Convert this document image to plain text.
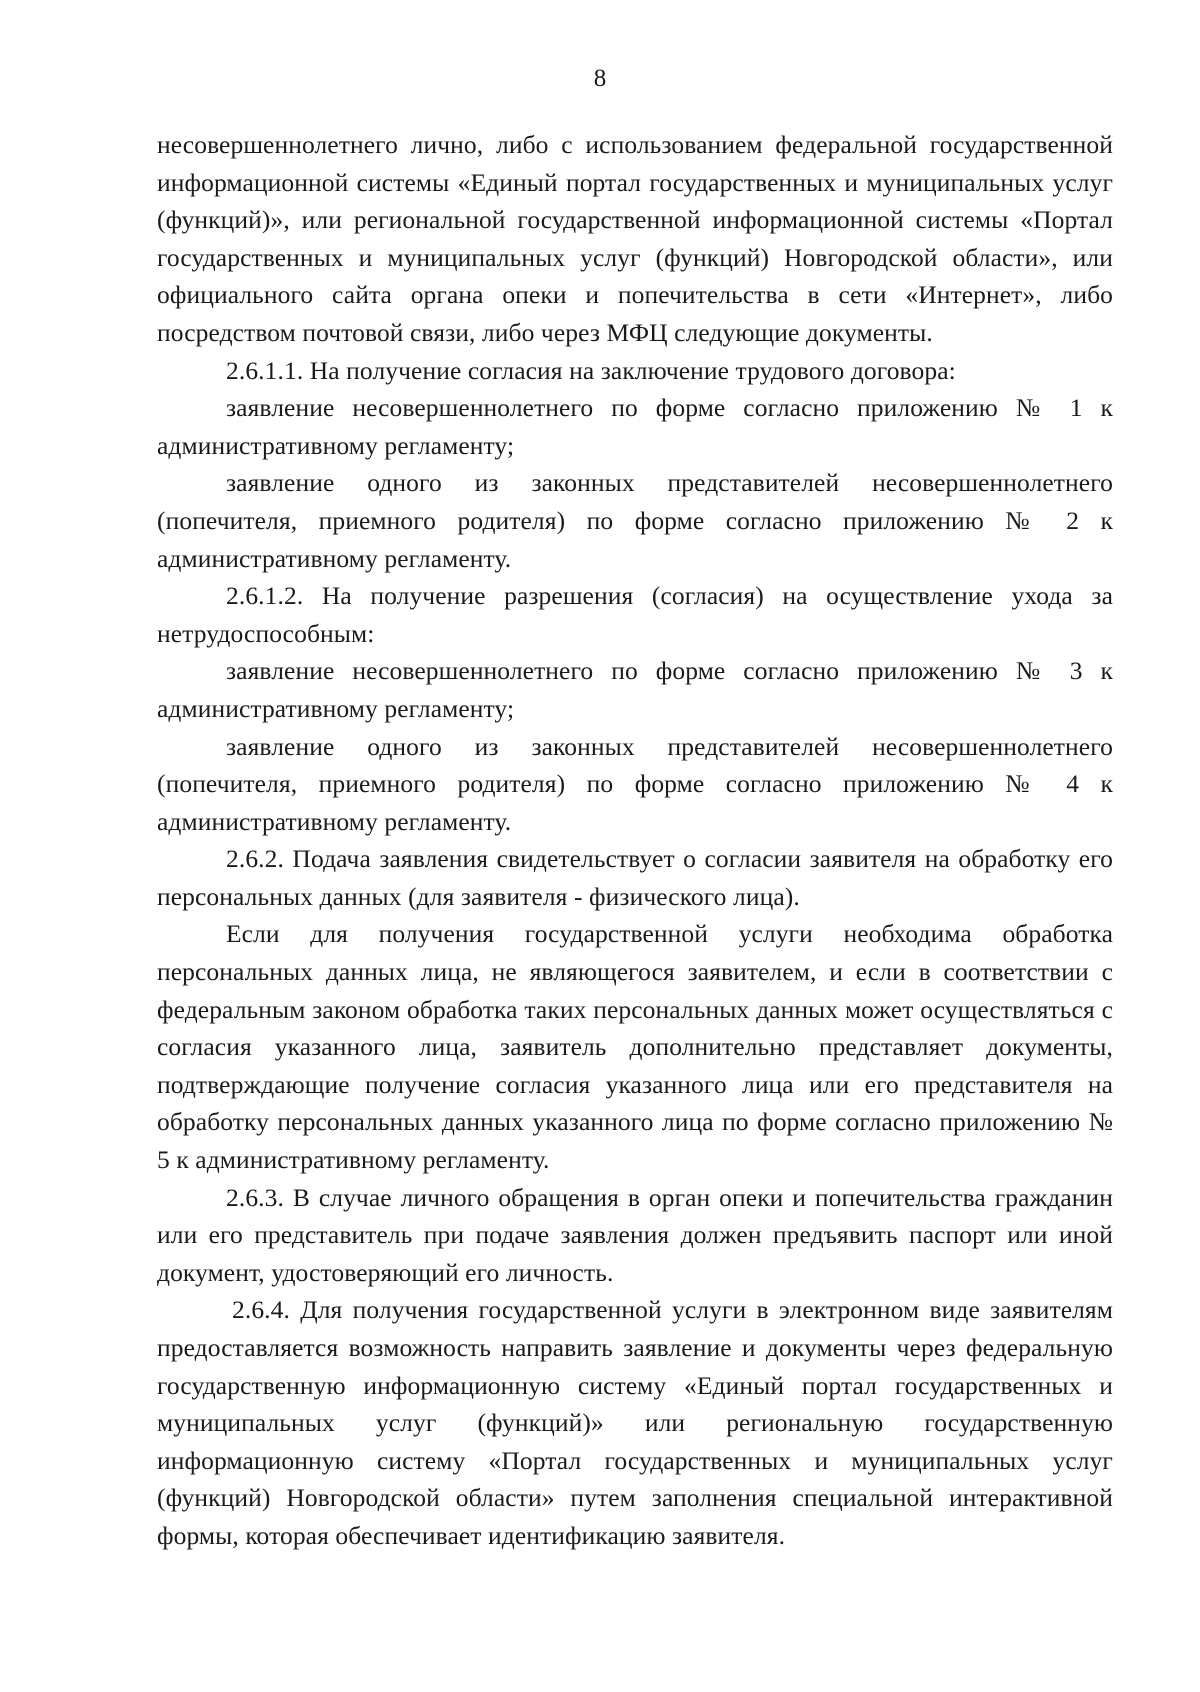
8

несовершеннолетнего лично, либо с использованием федеральной государственной информационной системы «Единый портал государственных и муниципальных услуг (функций)», или региональной государственной информационной системы «Портал государственных и муниципальных услуг (функций) Новгородской области», или официального сайта органа опеки и попечительства в сети «Интернет», либо посредством почтовой связи, либо через МФЦ следующие документы.

2.6.1.1. На получение согласия на заключение трудового договора:

заявление несовершеннолетнего по форме согласно приложению № 1 к административному регламенту;

заявление одного из законных представителей несовершеннолетнего (попечителя, приемного родителя) по форме согласно приложению № 2 к административному регламенту.

2.6.1.2. На получение разрешения (согласия) на осуществление ухода за нетрудоспособным:

заявление несовершеннолетнего по форме согласно приложению № 3 к административному регламенту;

заявление одного из законных представителей несовершеннолетнего (попечителя, приемного родителя) по форме согласно приложению № 4 к административному регламенту.

2.6.2. Подача заявления свидетельствует о согласии заявителя на обработку его персональных данных (для заявителя - физического лица).

Если для получения государственной услуги необходима обработка персональных данных лица, не являющегося заявителем, и если в соответствии с федеральным законом обработка таких персональных данных может осуществляться с согласия указанного лица, заявитель дополнительно представляет документы, подтверждающие получение согласия указанного лица или его представителя на обработку персональных данных указанного лица по форме согласно приложению № 5 к административному регламенту.

2.6.3. В случае личного обращения в орган опеки и попечительства гражданин или его представитель при подаче заявления должен предъявить паспорт или иной документ, удостоверяющий его личность.

2.6.4. Для получения государственной услуги в электронном виде заявителям предоставляется возможность направить заявление и документы через федеральную государственную информационную систему «Единый портал государственных и муниципальных услуг (функций)» или региональную государственную информационную систему «Портал государственных и муниципальных услуг (функций) Новгородской области» путем заполнения специальной интерактивной формы, которая обеспечивает идентификацию заявителя.
